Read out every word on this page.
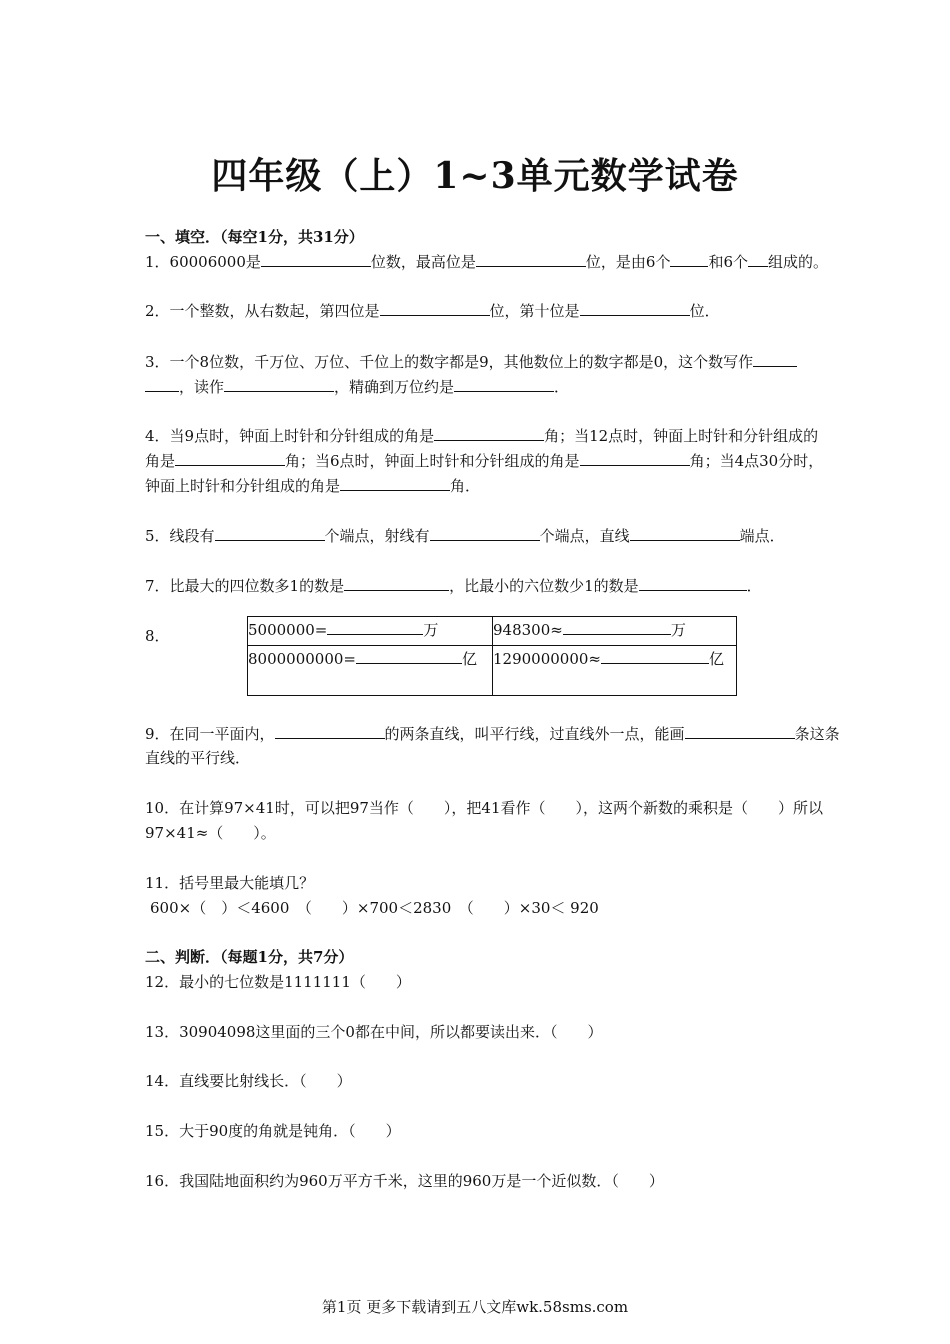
四年级（上）1~3单元数学试卷
一、填空．（每空1分，共31分）
1．60006000是	位数，最高位是	位，是由6个	和6个 组成的。
2．一个整数，从右数起，第四位是	位，第十位是	位．
3．一个8位数，千万位、万位、千位上的数字都是9，其他数位上的数字都是0，这个数写作
，读作	，精确到万位约是	．
4．当9点时，钟面上时针和分针组成的角是	角；当12点时，钟面上时针和分针组成的
角是	角；当6点时，钟面上时针和分针组成的角是	角；当4点30分时，
钟面上时针和分针组成的角是	角．
5．线段有	个端点，射线有	个端点，直线	端点．
7．比最大的四位数多1的数是	，比最小的六位数少1的数是	．
8．	5000000= 万	948300≈ 万
8000000000= 亿	1290000000≈ 亿
9．在同一平面内，	的两条直线，叫平行线，过直线外一点，能画	条这条
直线的平行线．
10．在计算97×41时，可以把97当作（　　），把41看作（　　），这两个新数的乘积是（　　）所以
97×41≈（　　）。
11．括号里最大能填几？
600×（　）＜4600　（　　）×700＜2830　（　　）×30＜ 920
二、判断．（每题1分，共7分）
12．最小的七位数是1111111（　　）
13．30904098这里面的三个0都在中间，所以都要读出来．（　　）
14．直线要比射线长．（　　）
15．大于90度的角就是钝角．（　　）
16．我国陆地面积约为960万平方千米，这里的960万是一个近似数．（　　）
第1页 更多下载请到五八文库wk.58sms.com
